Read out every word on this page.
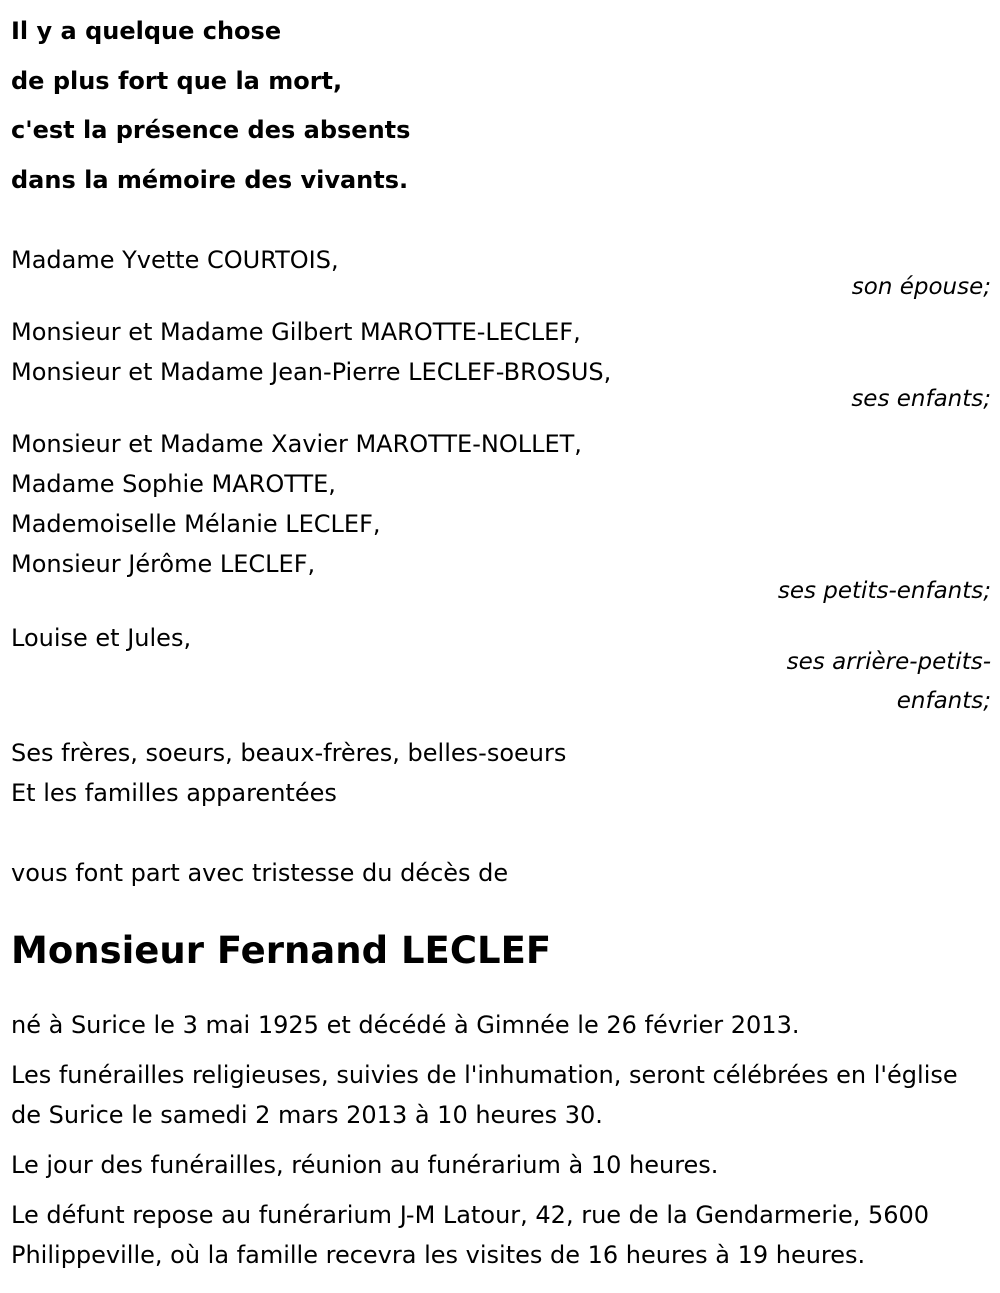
Il y a quelque chose
de plus fort que la mort,
c'est la présence des absents
dans la mémoire des vivants.
Madame Yvette COURTOIS,
son épouse;
Monsieur et Madame Gilbert MAROTTE-LECLEF,
Monsieur et Madame Jean-Pierre LECLEF-BROSUS,
ses enfants;
Monsieur et Madame Xavier MAROTTE-NOLLET,
Madame Sophie MAROTTE,
Mademoiselle Mélanie LECLEF,
Monsieur Jérôme LECLEF,
ses petits-enfants;
Louise et Jules,
ses arrière-petits-
enfants;
Ses frères, soeurs, beaux-frères, belles-soeurs
Et les familles apparentées
vous font part avec tristesse du décès de
Monsieur Fernand LECLEF

né à Surice le 3 mai 1925 et décédé à Gimnée le 26 février 2013.

Les funérailles religieuses, suivies de l'inhumation, seront célébrées en l'église de Surice le samedi 2 mars 2013 à 10 heures 30.

Le jour des funérailles, réunion au funérarium à 10 heures.

Le défunt repose au funérarium J-M Latour, 42, rue de la Gendarmerie, 5600 Philippeville, où la famille recevra les visites de 16 heures à 19 heures.
